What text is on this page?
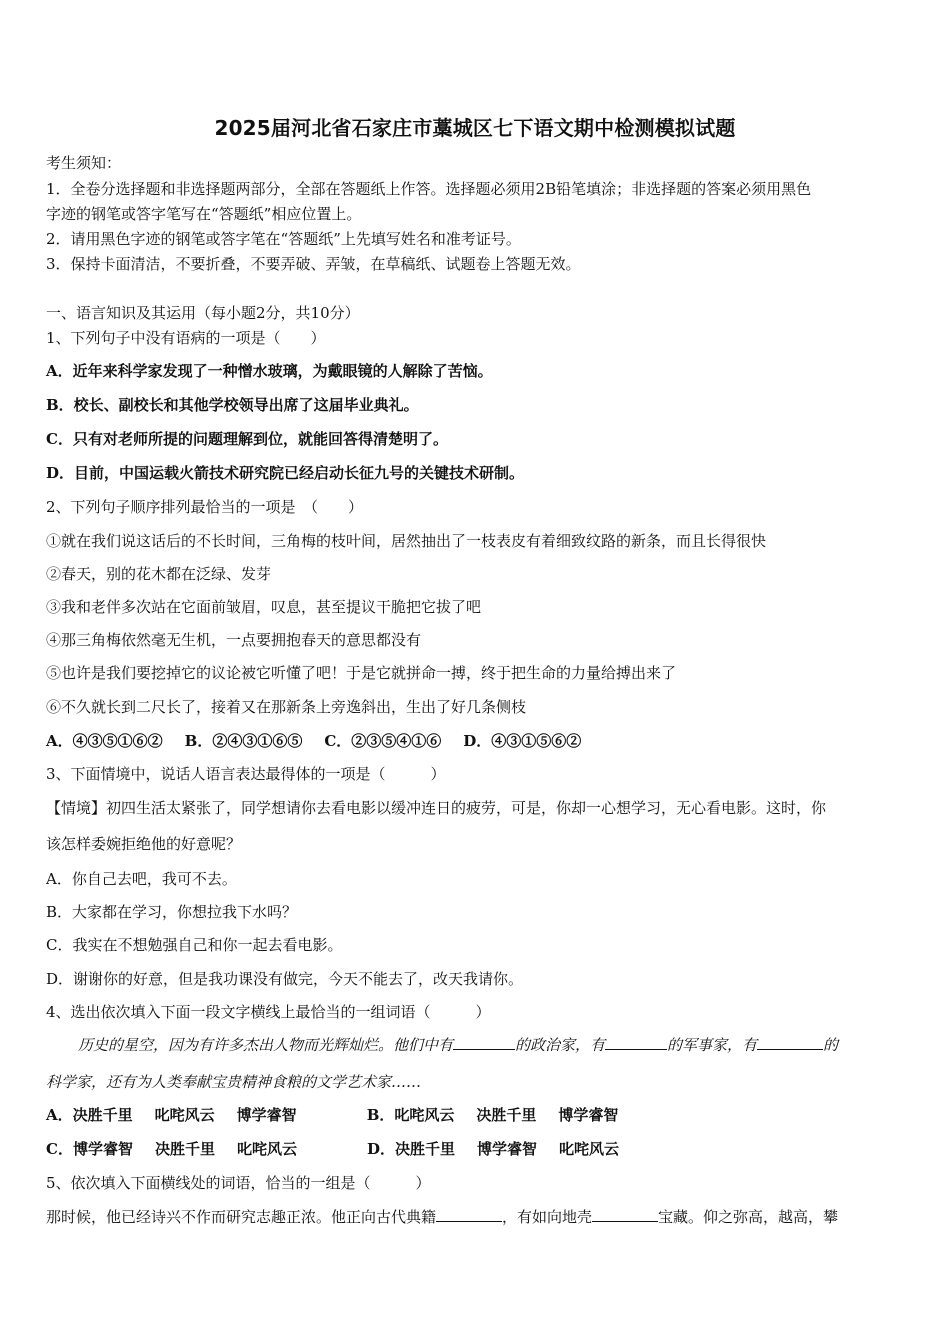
2025届河北省石家庄市藁城区七下语文期中检测模拟试题
考生须知：
1．全卷分选择题和非选择题两部分，全部在答题纸上作答。选择题必须用2B铅笔填涂；非选择题的答案必须用黑色
字迹的钢笔或答字笔写在“答题纸”相应位置上。
2．请用黑色字迹的钢笔或答字笔在“答题纸”上先填写姓名和准考证号。
3．保持卡面清洁，不要折叠，不要弄破、弄皱，在草稿纸、试题卷上答题无效。
一、语言知识及其运用（每小题2分，共10分）
1、下列句子中没有语病的一项是（　　）
A．近年来科学家发现了一种憎水玻璃，为戴眼镜的人解除了苦恼。
B．校长、副校长和其他学校领导出席了这届毕业典礼。
C．只有对老师所提的问题理解到位，就能回答得清楚明了。
D．目前，中国运载火箭技术研究院已经启动长征九号的关键技术研制。
2、下列句子顺序排列最恰当的一项是　（　　）
①就在我们说这话后的不长时间，三角梅的枝叶间，居然抽出了一枝表皮有着细致纹路的新条，而且长得很快
②春天，别的花木都在泛绿、发芽
③我和老伴多次站在它面前皱眉，叹息，甚至提议干脆把它拔了吧
④那三角梅依然毫无生机，一点要拥抱春天的意思都没有
⑤也许是我们要挖掉它的议论被它听懂了吧！于是它就拼命一搏，终于把生命的力量给搏出来了
⑥不久就长到二尺长了，接着又在那新条上旁逸斜出，生出了好几条侧枝
A．④③⑤①⑥② B．②④③①⑥⑤ C．②③⑤④①⑥ D．④③①⑤⑥②
3、下面情境中，说话人语言表达最得体的一项是（　　　）
【情境】初四生活太紧张了，同学想请你去看电影以缓冲连日的疲劳，可是，你却一心想学习，无心看电影。这时，你
该怎样委婉拒绝他的好意呢？
A．你自己去吧，我可不去。
B．大家都在学习，你想拉我下水吗？
C．我实在不想勉强自己和你一起去看电影。
D．谢谢你的好意，但是我功课没有做完，今天不能去了，改天我请你。
4、选出依次填入下面一段文字横线上最恰当的一组词语（　　　）
历史的星空，因为有许多杰出人物而光辉灿烂。他们中有	的政治家，有	的军事家，有	的
科学家，还有为人类奉献宝贵精神食粮的文学艺术家……
A．决胜千里 叱咤风云 博学睿智	B．叱咤风云 决胜千里 博学睿智
C．博学睿智 决胜千里 叱咤风云	D．决胜千里 博学睿智 叱咤风云
5、依次填入下面横线处的词语，恰当的一组是（　　　）
那时候，他已经诗兴不作而研究志趣正浓。他正向古代典籍	，有如向地壳	宝藏。仰之弥高，越高，攀
